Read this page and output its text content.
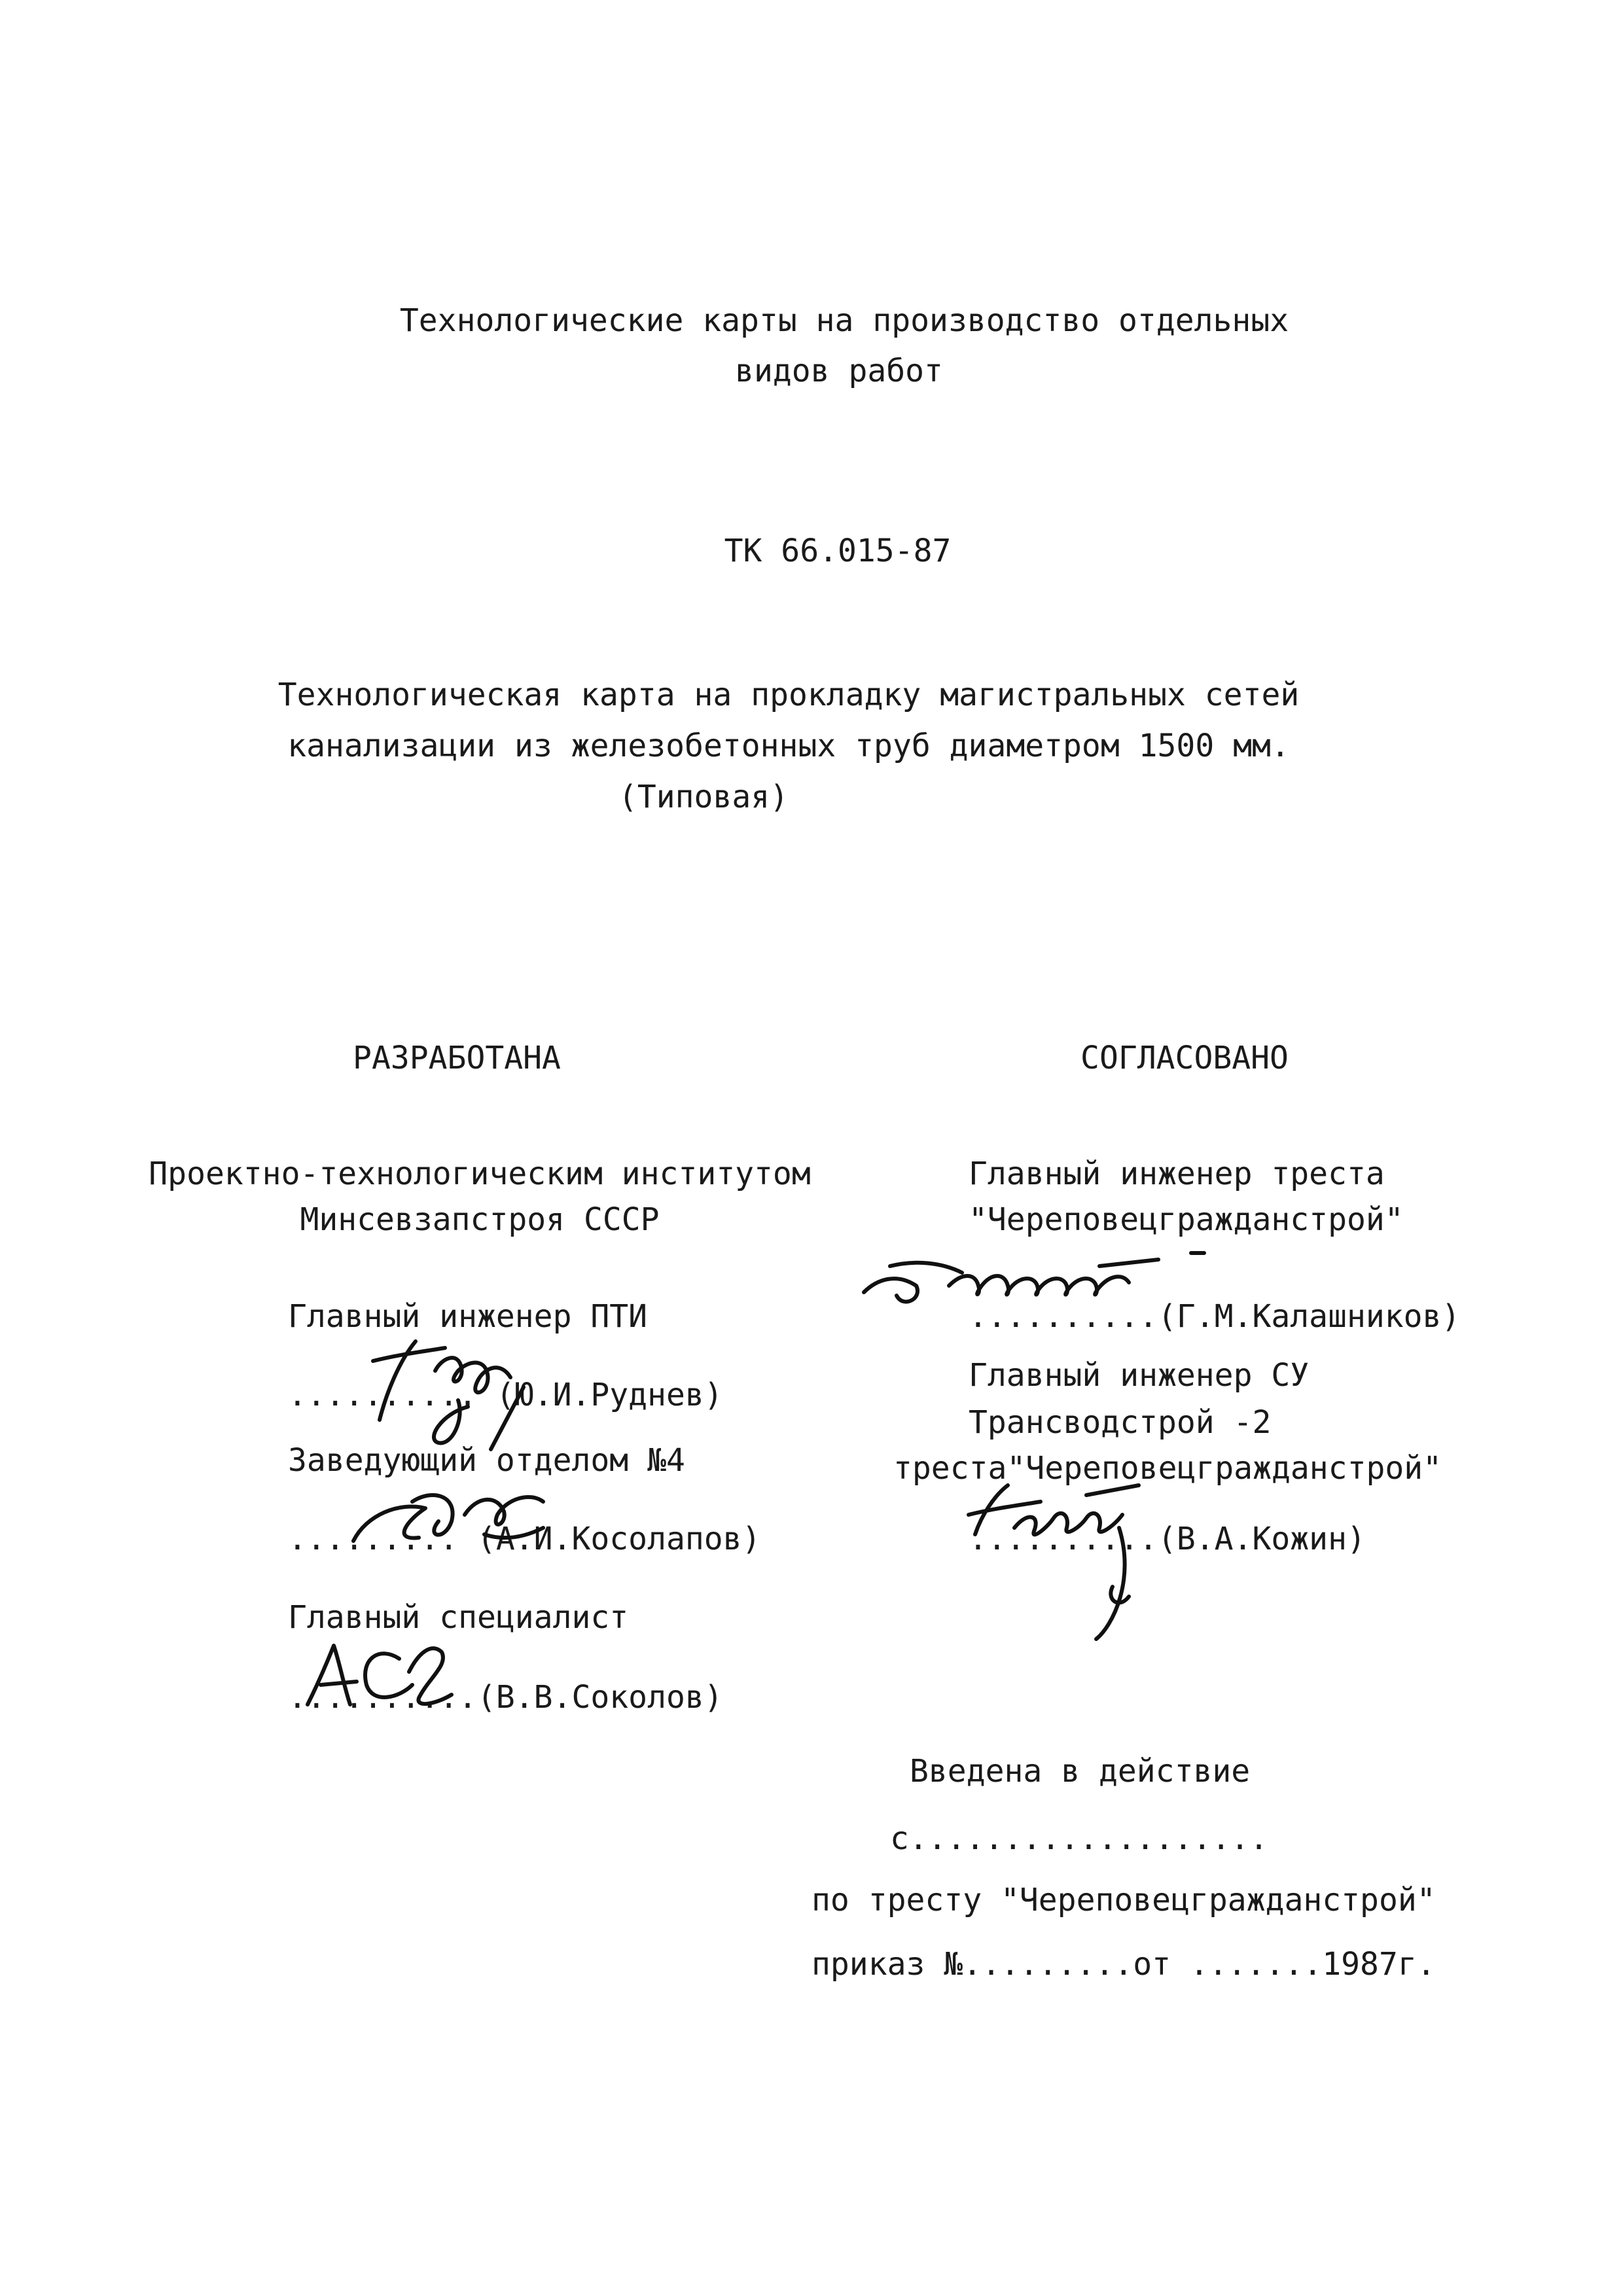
Технологические карты на производство отдельных
видов работ
ТК 66.015-87
Технологическая карта на прокладку магистральных сетей
канализации из железобетонных труб диаметром 1500 мм.
(Типовая)
РАЗРАБОТАНА
Проектно-технологическим институтом
Минсевзапстроя СССР
Главный инженер ПТИ
.......... (Ю.И.Руднев)
Заведующий отделом №4
......... (А.И.Косолапов)
Главный специалист
..........(В.В.Соколов)
СОГЛАСОВАНО
Главный инженер треста
"Череповецгражданстрой"
..........(Г.М.Калашников)
Главный инженер СУ
Трансводстрой -2
треста"Череповецгражданстрой"
..........(В.А.Кожин)
Введена в действие
с...................
по тресту "Череповецгражданстрой"
приказ №.........от .......1987г.
